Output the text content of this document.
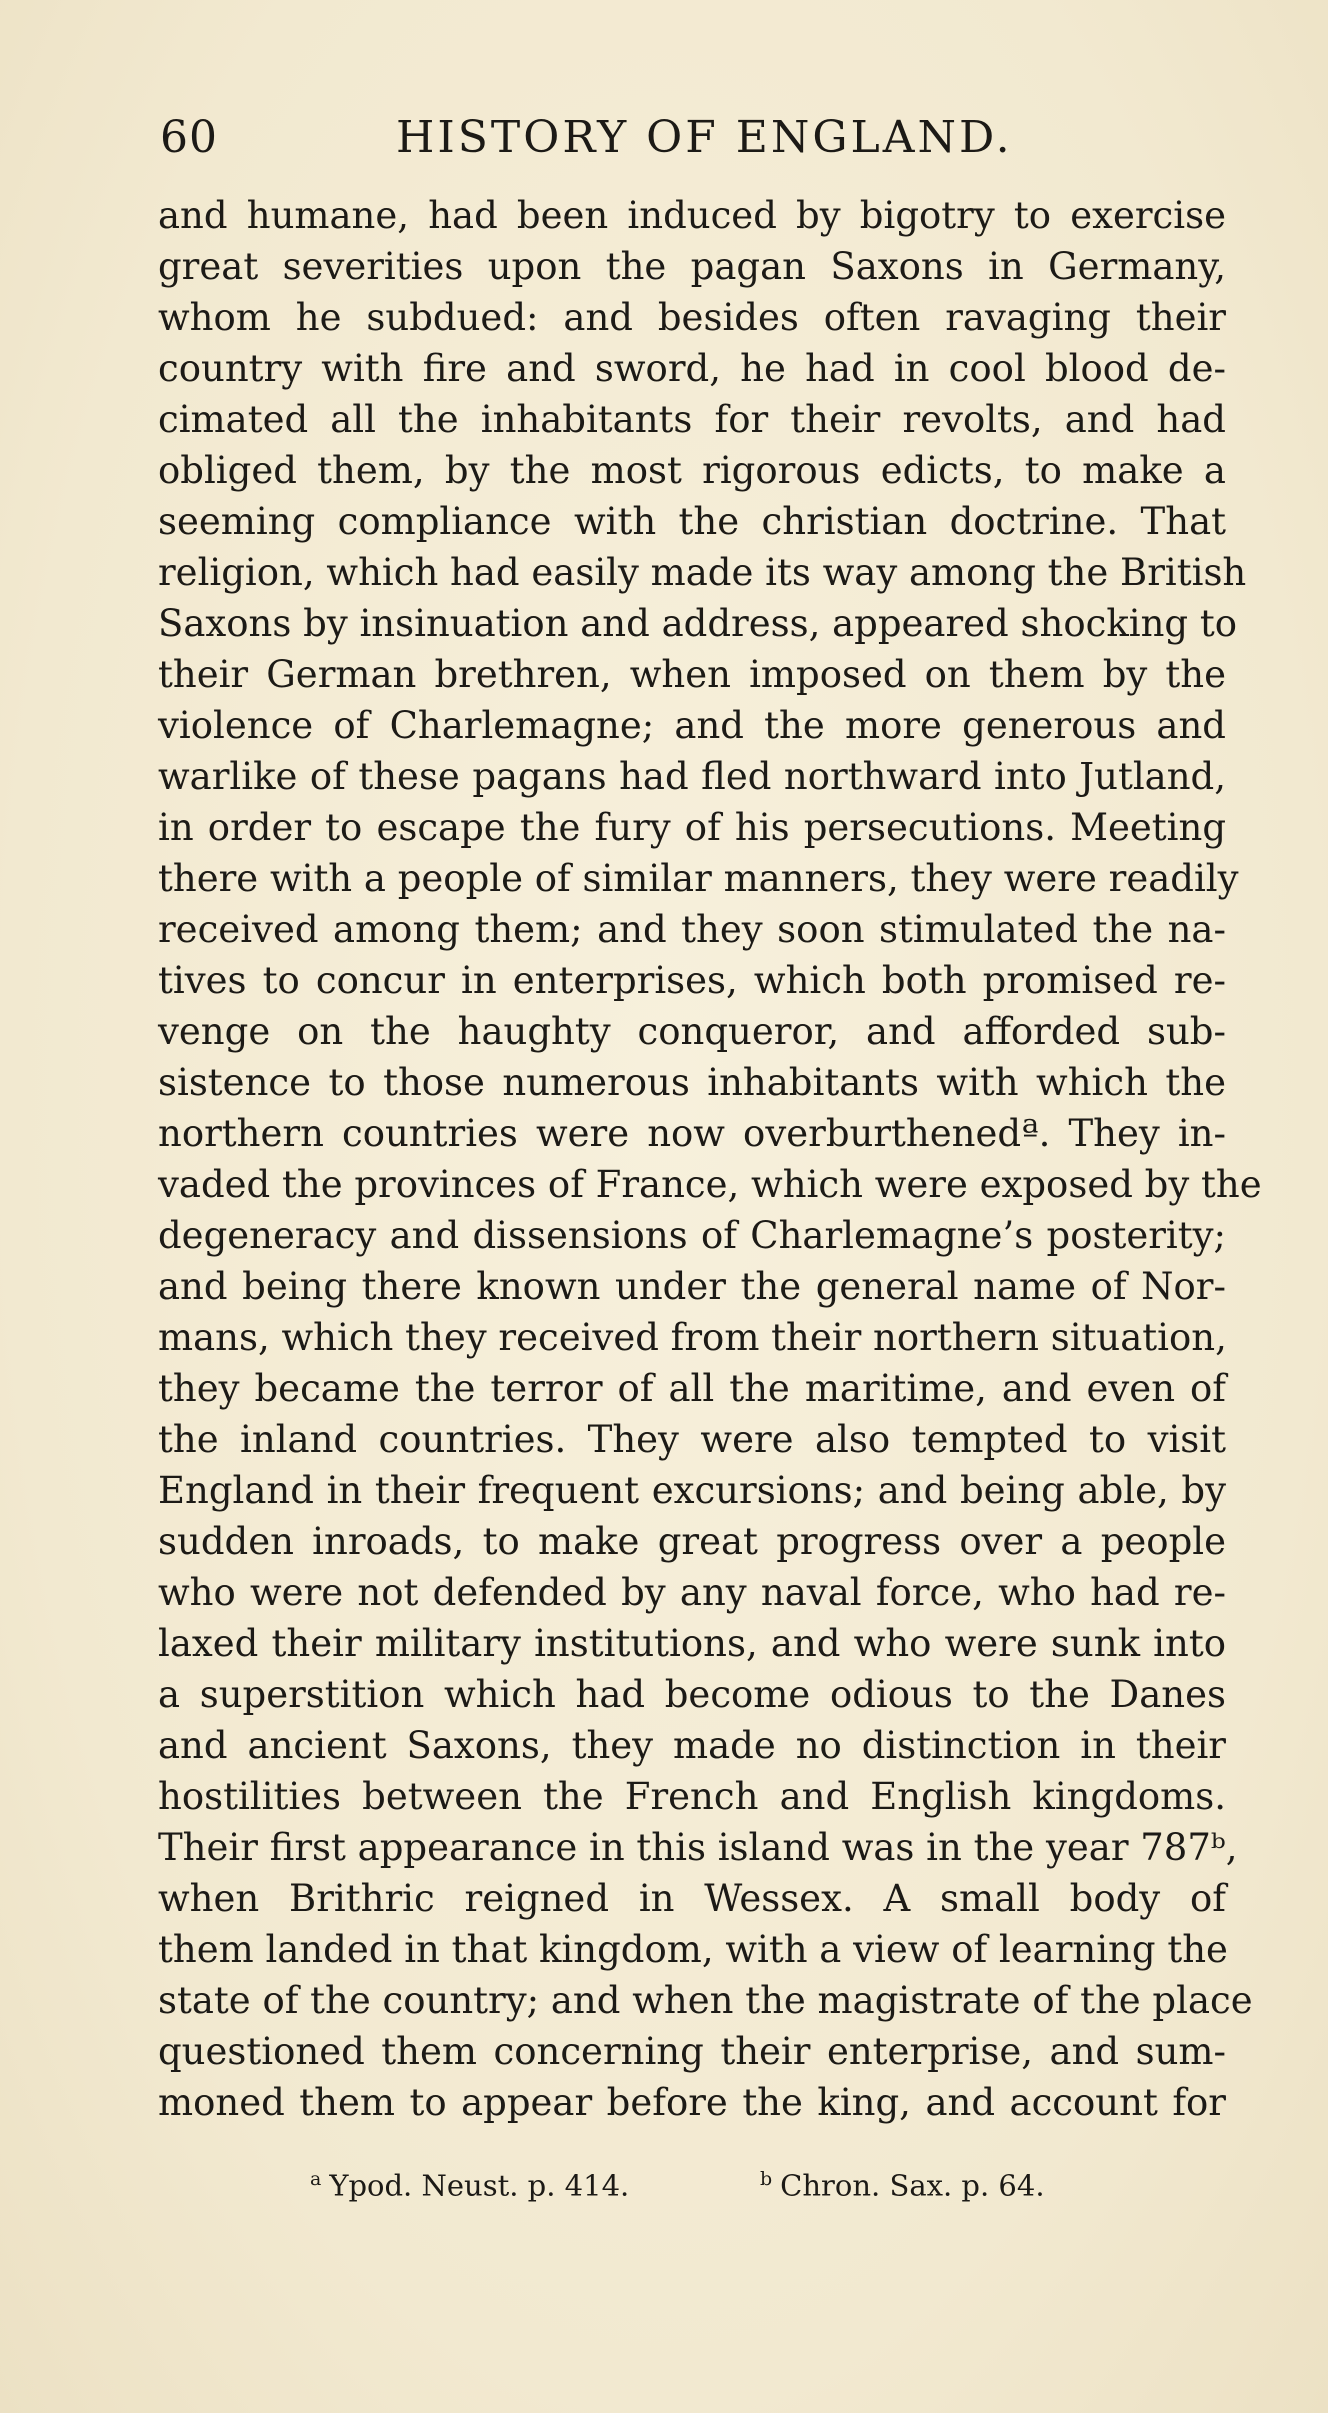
60	HISTORY OF ENGLAND.
and humane, had been induced by bigotry to exercise
great severities upon the pagan Saxons in Germany,
whom he subdued: and besides often ravaging their
country with fire and sword, he had in cool blood de-
cimated all the inhabitants for their revolts, and had
obliged them, by the most rigorous edicts, to make a
seeming compliance with the christian doctrine. That
religion, which had easily made its way among the British
Saxons by insinuation and address, appeared shocking to
their German brethren, when imposed on them by the
violence of Charlemagne; and the more generous and
warlike of these pagans had fled northward into Jutland,
in order to escape the fury of his persecutions. Meeting
there with a people of similar manners, they were readily
received among them; and they soon stimulated the na-
tives to concur in enterprises, which both promised re-
venge on the haughty conqueror, and afforded sub-
sistence to those numerous inhabitants with which the
northern countries were now overburthenedª. They in-
vaded the provinces of France, which were exposed by the
degeneracy and dissensions of Charlemagne’s posterity;
and being there known under the general name of Nor-
mans, which they received from their northern situation,
they became the terror of all the maritime, and even of
the inland countries. They were also tempted to visit
England in their frequent excursions; and being able, by
sudden inroads, to make great progress over a people
who were not defended by any naval force, who had re-
laxed their military institutions, and who were sunk into
a superstition which had become odious to the Danes
and ancient Saxons, they made no distinction in their
hostilities between the French and English kingdoms.
Their first appearance in this island was in the year 787ᵇ,
when Brithric reigned in Wessex. A small body of
them landed in that kingdom, with a view of learning the
state of the country; and when the magistrate of the place
questioned them concerning their enterprise, and sum-
moned them to appear before the king, and account for
$^a$ Ypod. Neust. p. 414.	$^b$ Chron. Sax. p. 64.
